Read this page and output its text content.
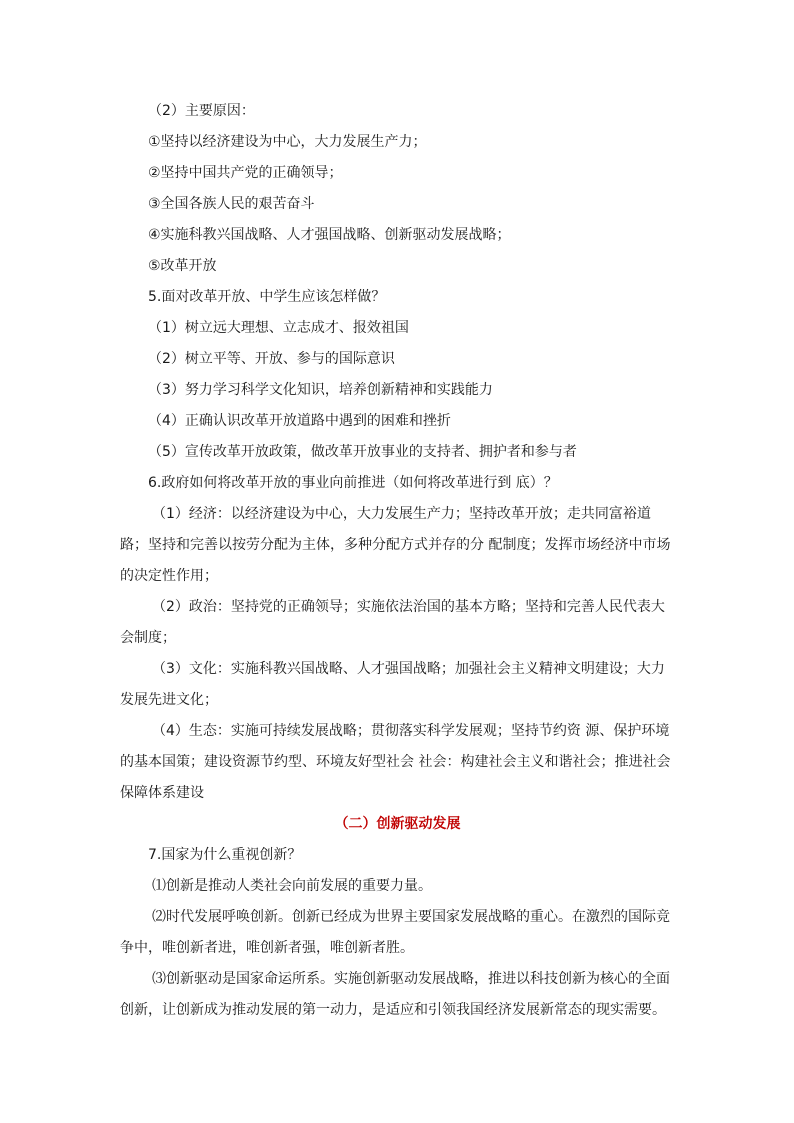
（2）主要原因：

①坚持以经济建设为中心，大力发展生产力；

②坚持中国共产党的正确领导；

③全国各族人民的艰苦奋斗

④实施科教兴国战略、人才强国战略、创新驱动发展战略；

⑤改革开放

5.面对改革开放、中学生应该怎样做？

（1）树立远大理想、立志成才、报效祖国

（2）树立平等、开放、参与的国际意识

（3）努力学习科学文化知识，培养创新精神和实践能力

（4）正确认识改革开放道路中遇到的困难和挫折

（5）宣传改革开放政策，做改革开放事业的支持者、拥护者和参与者

6.政府如何将改革开放的事业向前推进（如何将改革进行到 底）？

（1）经济：以经济建设为中心，大力发展生产力；坚持改革开放；走共同富裕道路；坚持和完善以按劳分配为主体，多种分配方式并存的分 配制度；发挥市场经济中市场的决定性作用；

（2）政治：坚持党的正确领导；实施依法治国的基本方略；坚持和完善人民代表大会制度；

（3）文化：实施科教兴国战略、人才强国战略；加强社会主义精神文明建设；大力发展先进文化；

（4）生态：实施可持续发展战略；贯彻落实科学发展观；坚持节约资 源、保护环境的基本国策；建设资源节约型、环境友好型社会 社会：构建社会主义和谐社会；推进社会保障体系建设

（二）创新驱动发展

7.国家为什么重视创新？

⑴创新是推动人类社会向前发展的重要力量。

⑵时代发展呼唤创新。创新已经成为世界主要国家发展战略的重心。在激烈的国际竞争中，唯创新者进，唯创新者强，唯创新者胜。

⑶创新驱动是国家命运所系。实施创新驱动发展战略，推进以科技创新为核心的全面创新，让创新成为推动发展的第一动力，是适应和引领我国经济发展新常态的现实需要。
